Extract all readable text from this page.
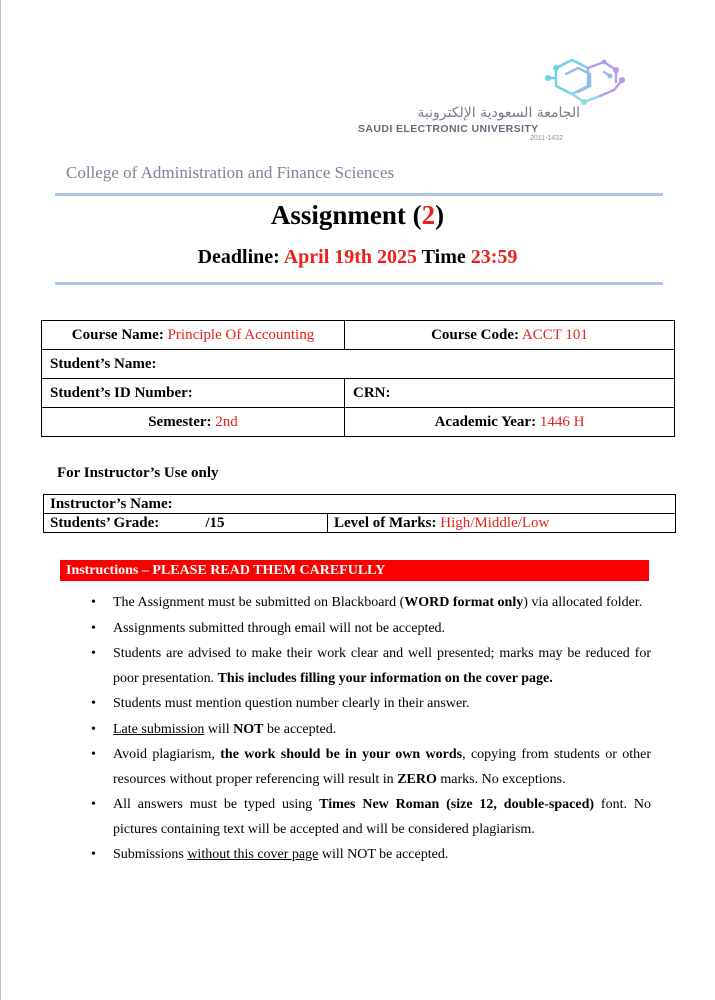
الجامعة السعودية الإلكترونية
SAUDI ELECTRONIC UNIVERSITY
2011-1432
College of Administration and Finance Sciences
Assignment (2)
Deadline: April 19th 2025 Time 23:59
Course Name: Principle Of Accounting	Course Code: ACCT 101
Student’s Name:	
Student’s ID Number:	CRN:
Semester: 2nd	Academic Year: 1446 H
For Instructor’s Use only
Instructor’s Name:
Students’ Grade:	/15	Level of Marks: High/Middle/Low
Instructions – PLEASE READ THEM CAREFULLY
• The Assignment must be submitted on Blackboard (WORD format only) via allocated folder.
• Assignments submitted through email will not be accepted.
• Students are advised to make their work clear and well presented; marks may be reduced for poor presentation. This includes filling your information on the cover page.
• Students must mention question number clearly in their answer.
• Late submission will NOT be accepted.
• Avoid plagiarism, the work should be in your own words, copying from students or other resources without proper referencing will result in ZERO marks. No exceptions.
• All answers must be typed using Times New Roman (size 12, double-spaced) font. No pictures containing text will be accepted and will be considered plagiarism.
• Submissions without this cover page will NOT be accepted.
